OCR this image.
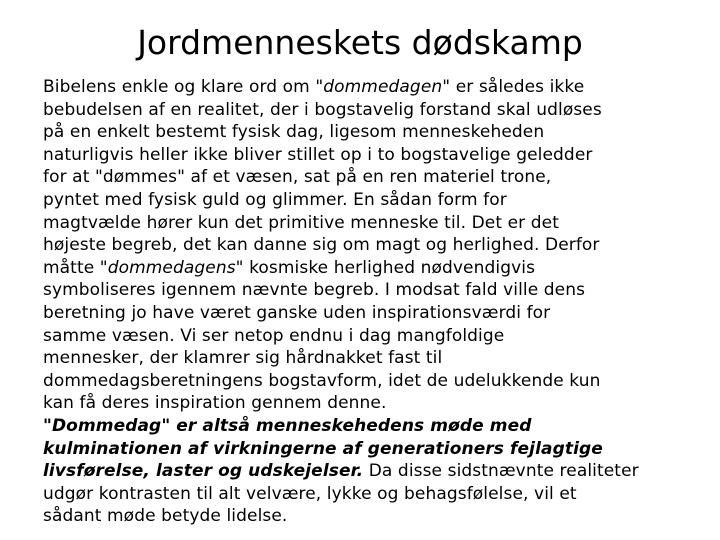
Jordmenneskets dødskamp
Bibelens enkle og klare ord om "dommedagen" er således ikke
bebudelsen af en realitet, der i bogstavelig forstand skal udløses
på en enkelt bestemt fysisk dag, ligesom menneskeheden
naturligvis heller ikke bliver stillet op i to bogstavelige geledder
for at "dømmes" af et væsen, sat på en ren materiel trone,
pyntet med fysisk guld og glimmer. En sådan form for
magtvælde hører kun det primitive menneske til. Det er det
højeste begreb, det kan danne sig om magt og herlighed. Derfor
måtte "dommedagens" kosmiske herlighed nødvendigvis
symboliseres igennem nævnte begreb. I modsat fald ville dens
beretning jo have været ganske uden inspirationsværdi for
samme væsen. Vi ser netop endnu i dag mangfoldige
mennesker, der klamrer sig hårdnakket fast til
dommedagsberetningens bogstavform, idet de udelukkende kun
kan få deres inspiration gennem denne.
"Dommedag" er altså menneskehedens møde med
kulminationen af virkningerne af generationers fejlagtige
livsførelse, laster og udskejelser. Da disse sidstnævnte realiteter
udgør kontrasten til alt velvære, lykke og behagsfølelse, vil et
sådant møde betyde lidelse.
